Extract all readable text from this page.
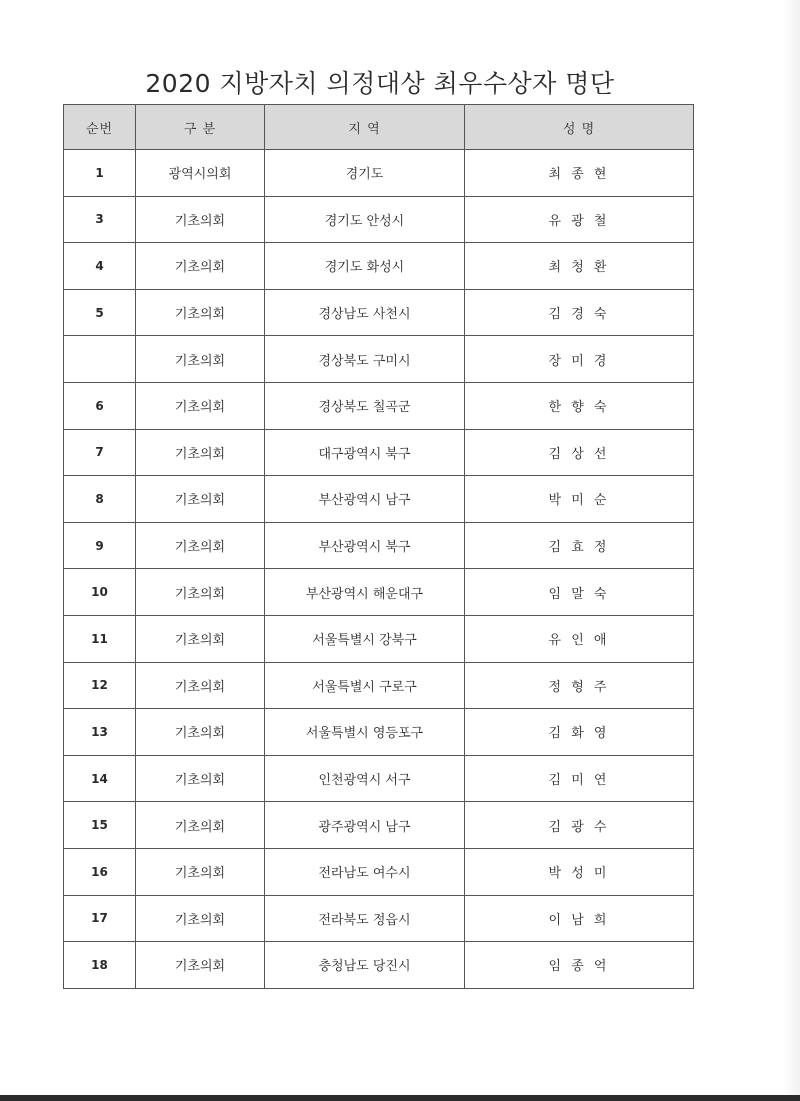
2020 지방자치 의정대상 최우수상자 명단
순번	구 분	지 역	성 명
1	광역시의회	경기도	최 종 현
3	기초의회	경기도 안성시	유 광 철
4	기초의회	경기도 화성시	최 청 환
5	기초의회	경상남도 사천시	김 경 숙
	기초의회	경상북도 구미시	장 미 경
6	기초의회	경상북도 칠곡군	한 향 숙
7	기초의회	대구광역시 북구	김 상 선
8	기초의회	부산광역시 남구	박 미 순
9	기초의회	부산광역시 북구	김 효 정
10	기초의회	부산광역시 해운대구	임 말 숙
11	기초의회	서울특별시 강북구	유 인 애
12	기초의회	서울특별시 구로구	정 형 주
13	기초의회	서울특별시 영등포구	김 화 영
14	기초의회	인천광역시 서구	김 미 연
15	기초의회	광주광역시 남구	김 광 수
16	기초의회	전라남도 여수시	박 성 미
17	기초의회	전라북도 정읍시	이 남 희
18	기초의회	충청남도 당진시	임 종 억
